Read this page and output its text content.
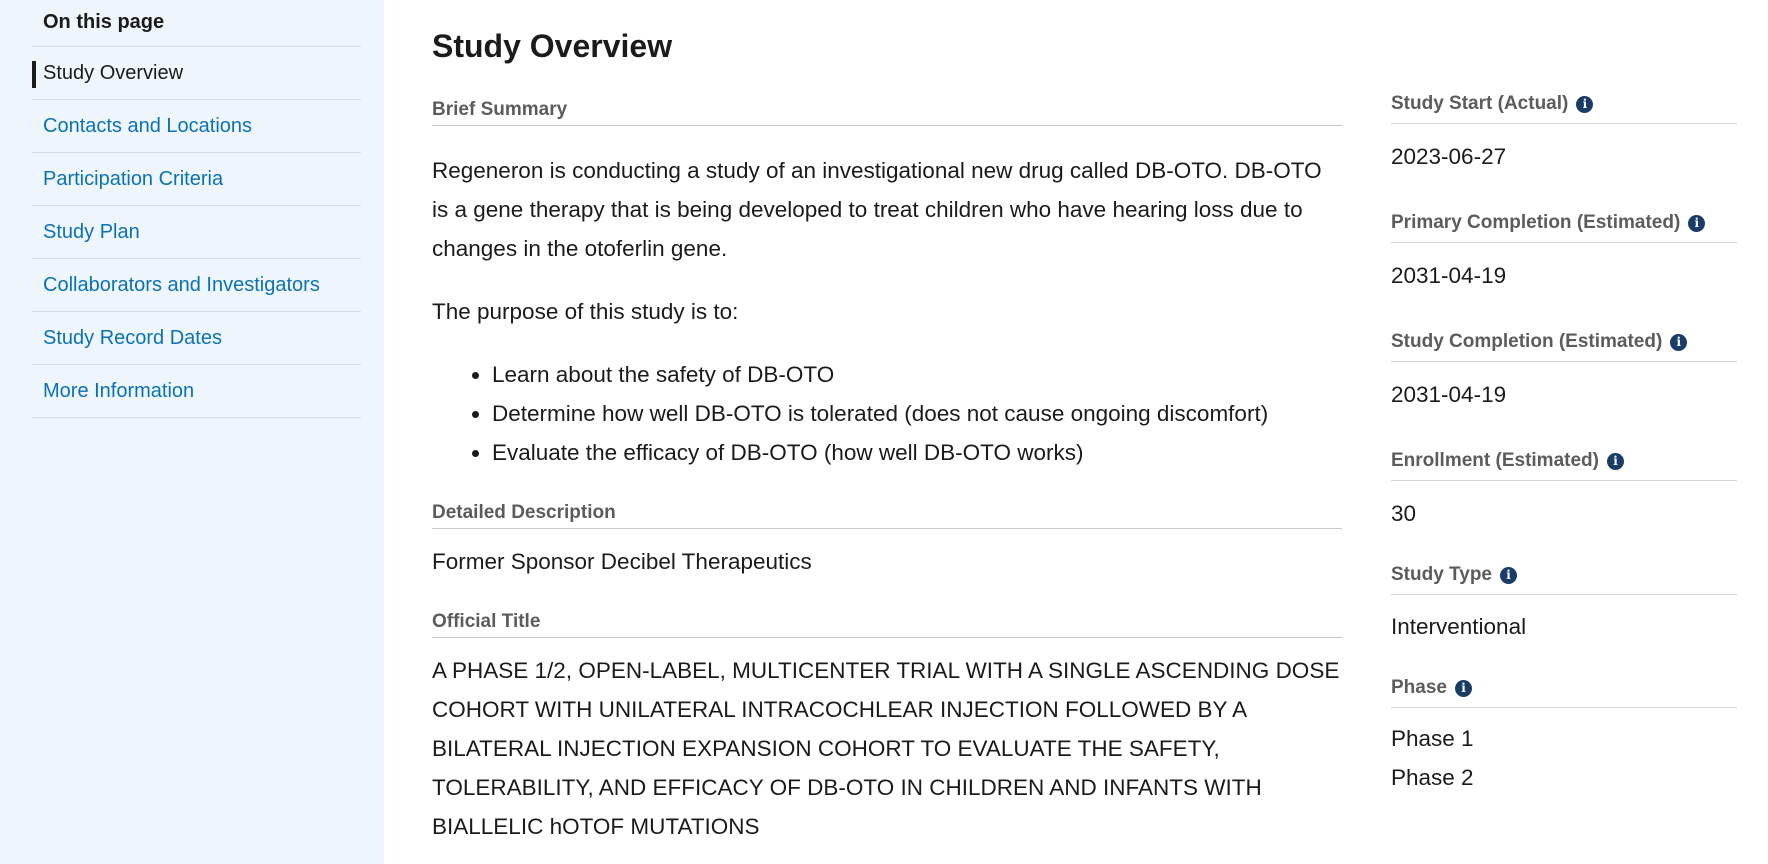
On this page
Study Overview
Contacts and Locations
Participation Criteria
Study Plan
Collaborators and Investigators
Study Record Dates
More Information
Study Overview
Brief Summary

Regeneron is conducting a study of an investigational new drug called DB-OTO. DB-OTO is a gene therapy that is being developed to treat children who have hearing loss due to changes in the otoferlin gene.

The purpose of this study is to:

• Learn about the safety of DB-OTO
• Determine how well DB-OTO is tolerated (does not cause ongoing discomfort)
• Evaluate the efficacy of DB-OTO (how well DB-OTO works)
Detailed Description

Former Sponsor Decibel Therapeutics

Official Title

A PHASE 1/2, OPEN-LABEL, MULTICENTER TRIAL WITH A SINGLE ASCENDING DOSE COHORT WITH UNILATERAL INTRACOCHLEAR INJECTION FOLLOWED BY A BILATERAL INJECTION EXPANSION COHORT TO EVALUATE THE SAFETY, TOLERABILITY, AND EFFICACY OF DB-OTO IN CHILDREN AND INFANTS WITH BIALLELIC hOTOF MUTATIONS

Study Start (Actual) i
2023-06-27
Primary Completion (Estimated) i
2031-04-19
Study Completion (Estimated) i
2031-04-19
Enrollment (Estimated) i
30
Study Type i
Interventional
Phase i
Phase 1
Phase 2
